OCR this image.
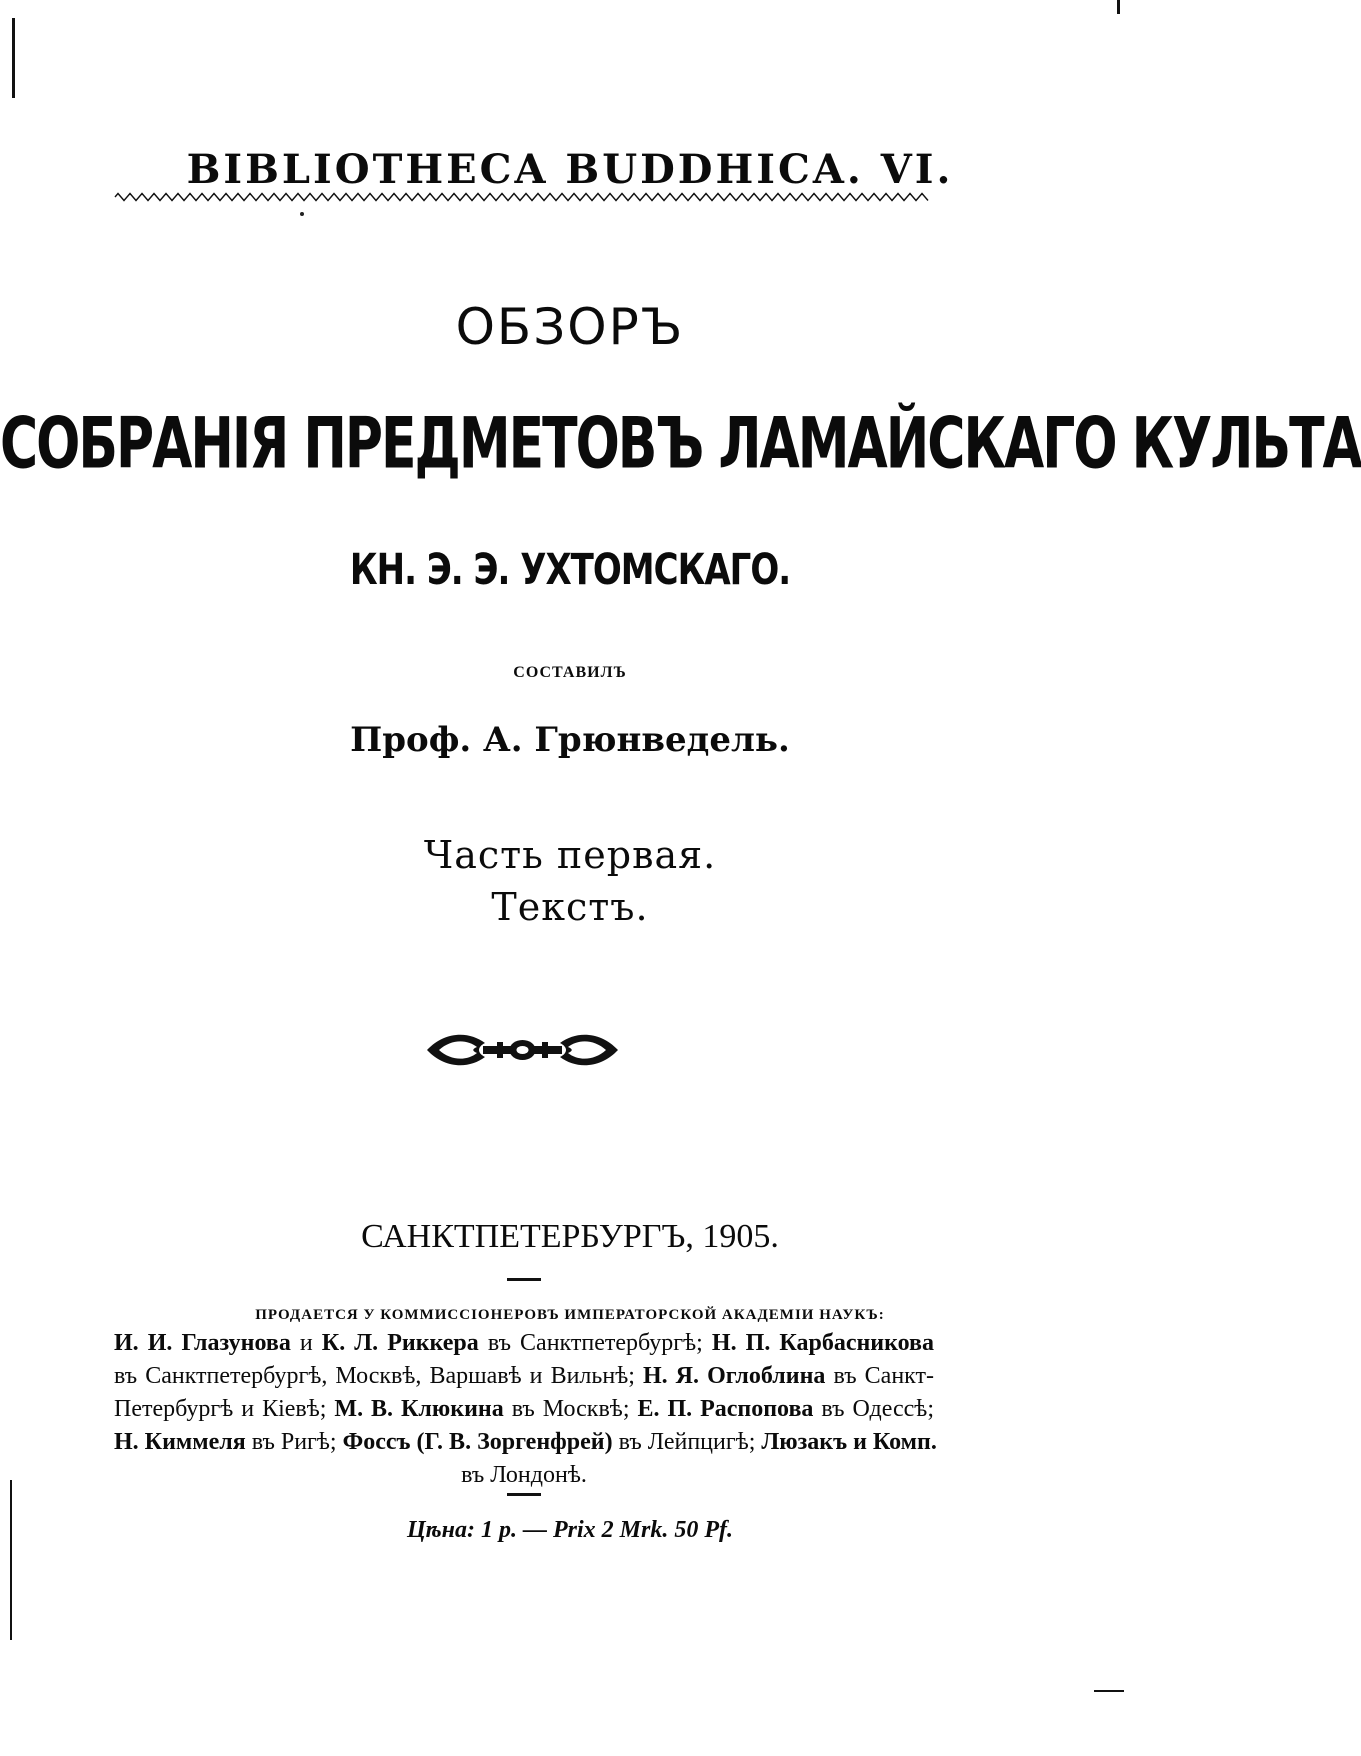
BIBLIOTHECA BUDDHICA. VI.
ОБЗОРЪ
СОБРАНІЯ ПРЕДМЕТОВЪ ЛАМАЙСКАГО КУЛЬТА
КН. Э. Э. УХТОМСКАГО.
СОСТАВИЛЪ
Проф. А. Грюнведель.
Часть первая.
Текстъ.
САНКТПЕТЕРБУРГЪ, 1905.
ПРОДАЕТСЯ У КОММИССІОНЕРОВЪ ИМПЕРАТОРСКОЙ АКАДЕМІИ НАУКЪ:
И. И. Глазунова и К. Л. Риккера въ Санктпетербургѣ; Н. П. Карбасникова
въ Санктпетербургѣ, Москвѣ, Варшавѣ и Вильнѣ; Н. Я. Оглоблина въ Санкт-
Петербургѣ и Кіевѣ; М. В. Клюкина въ Москвѣ; Е. П. Распопова въ Одессѣ;
Н. Киммеля въ Ригѣ; Фоссъ (Г. В. Зоргенфрей) въ Лейпцигѣ; Люзакъ и Комп.
въ Лондонѣ.
Цѣна: 1 р. — Prix 2 Mrk. 50 Pf.
